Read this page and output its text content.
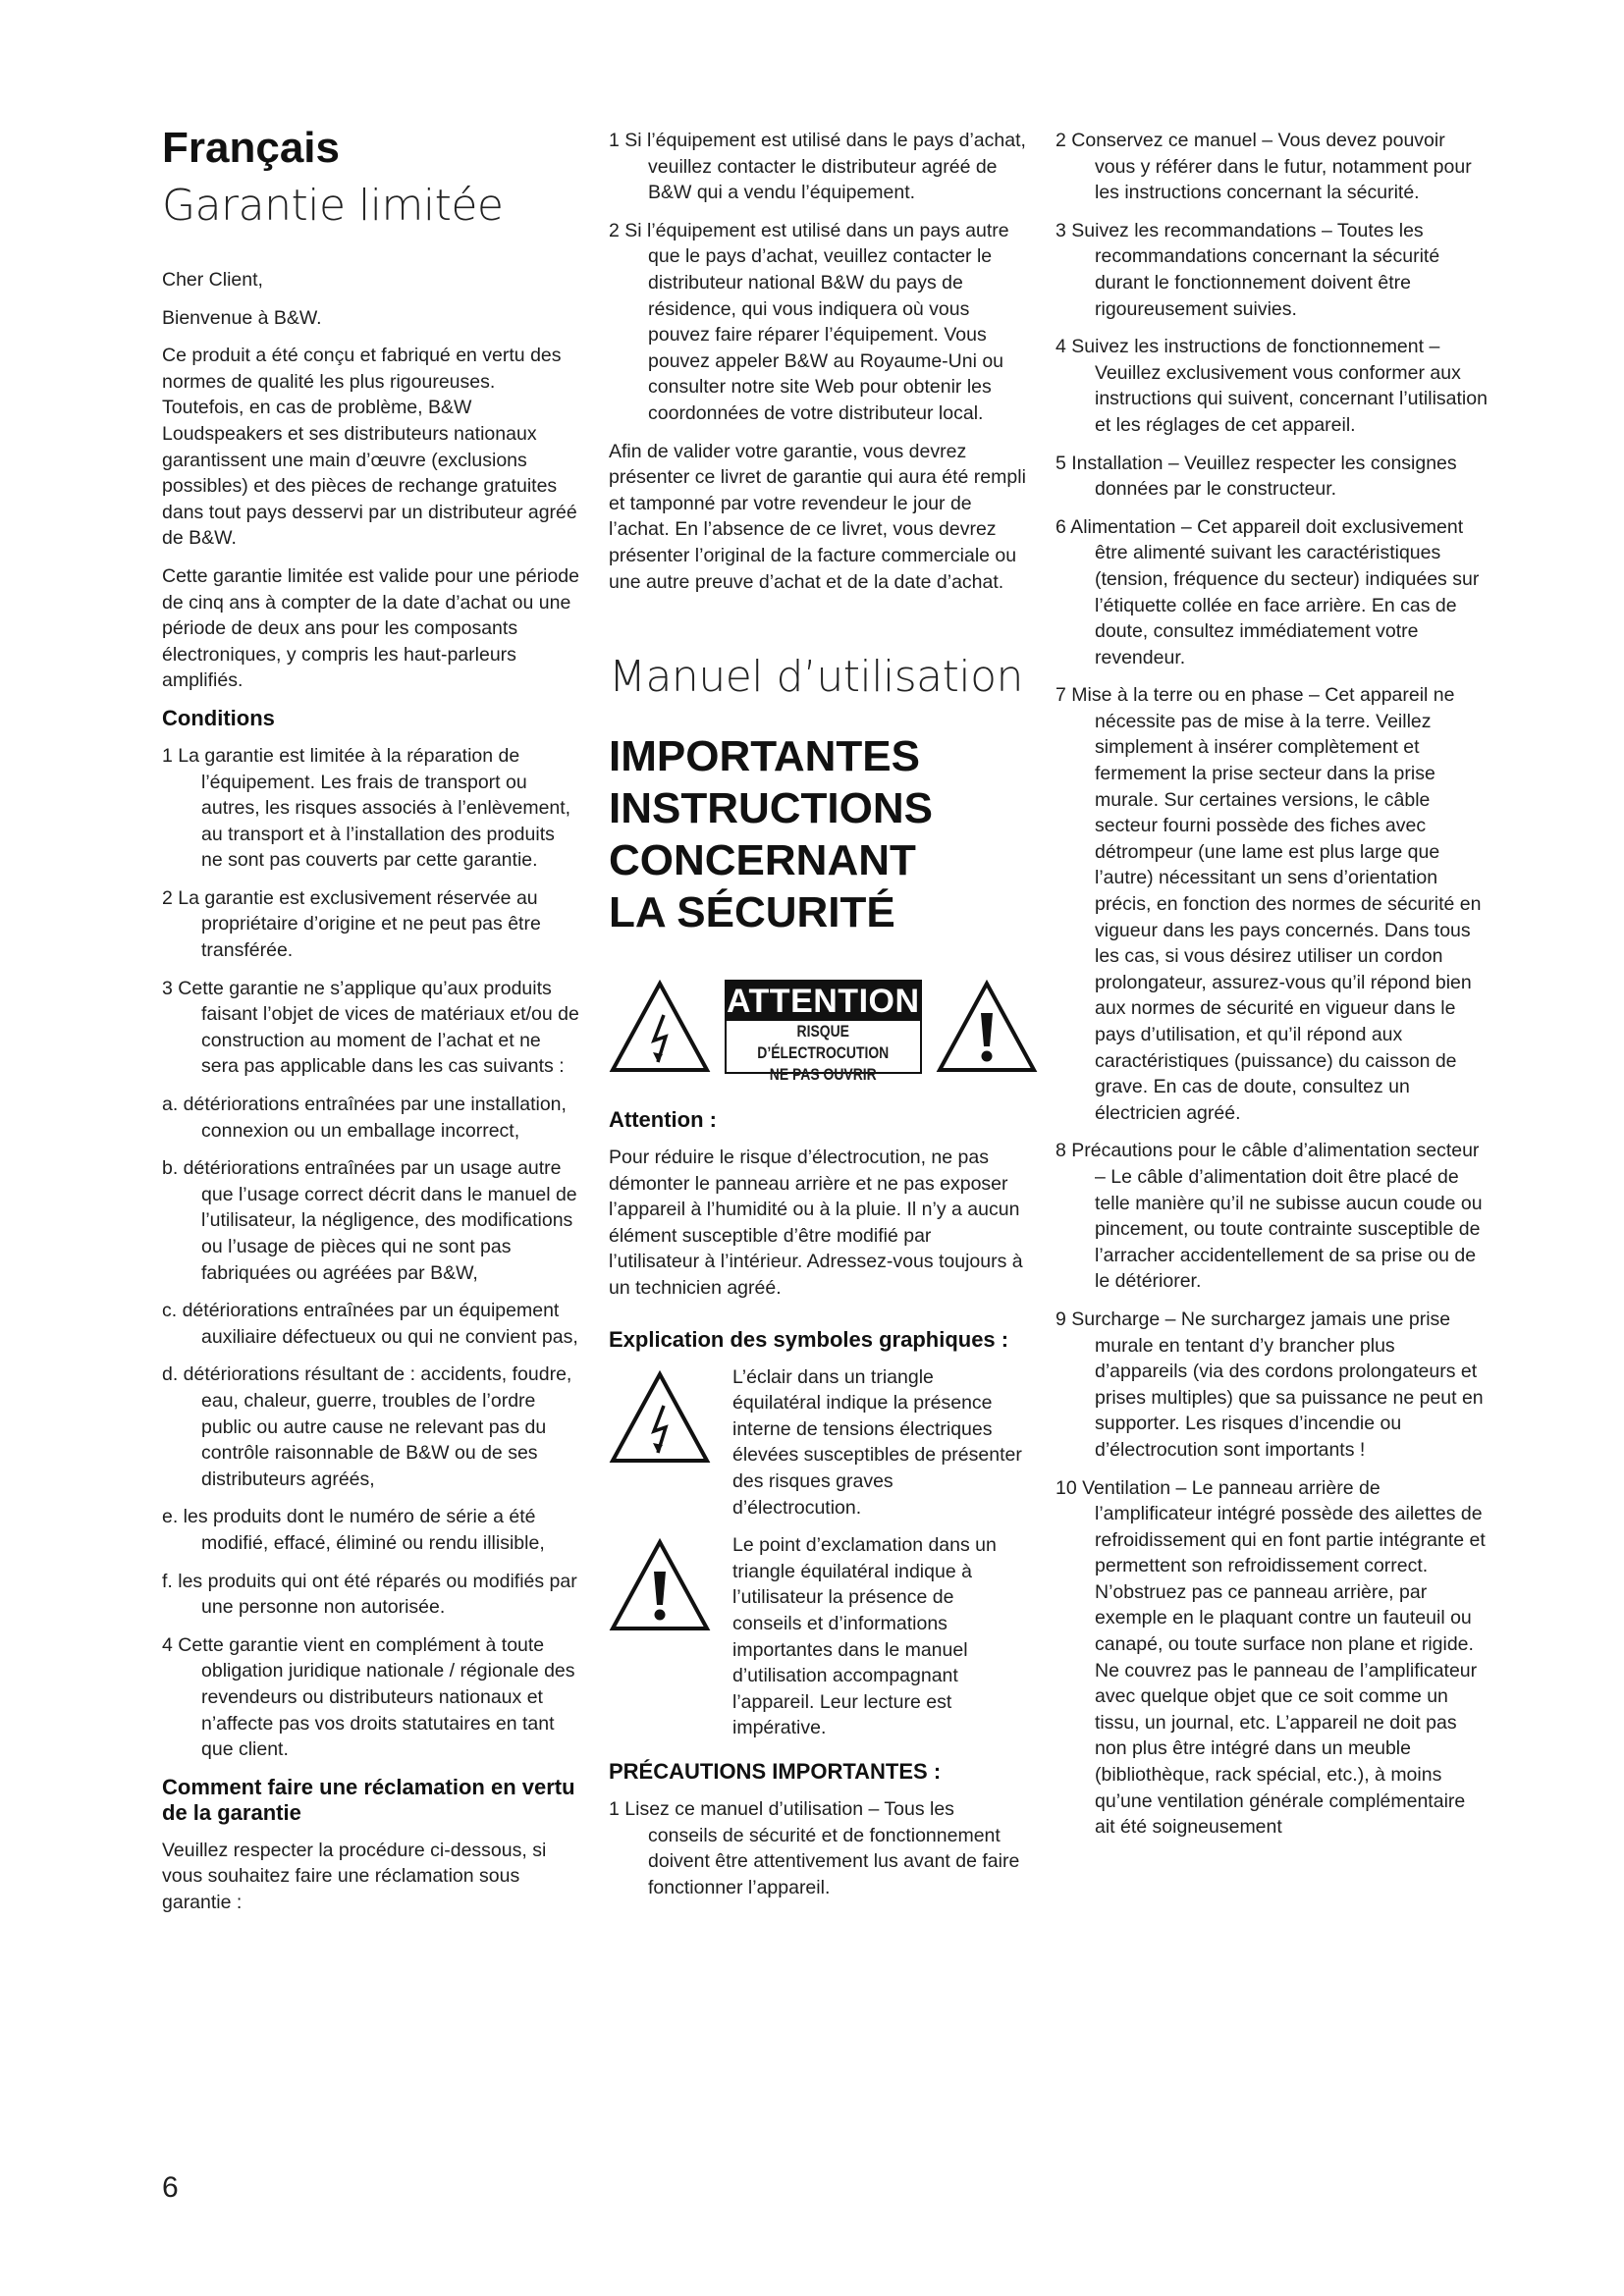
Français
Garantie limitée

Cher Client,

Bienvenue à B&W.

Ce produit a été conçu et fabriqué en vertu des normes de qualité les plus rigoureuses. Toutefois, en cas de problème, B&W Loudspeakers et ses distributeurs nationaux garantissent une main d’œuvre (exclusions possibles) et des pièces de rechange gratuites dans tout pays desservi par un distributeur agréé de B&W.

Cette garantie limitée est valide pour une période de cinq ans à compter de la date d’achat ou une période de deux ans pour les composants électroniques, y compris les haut-parleurs amplifiés.

Conditions

1 La garantie est limitée à la réparation de l’équipement. Les frais de transport ou autres, les risques associés à l’enlèvement, au transport et à l’installation des produits ne sont pas couverts par cette garantie.

2 La garantie est exclusivement réservée au propriétaire d’origine et ne peut pas être transférée.

3 Cette garantie ne s’applique qu’aux produits faisant l’objet de vices de matériaux et/ou de construction au moment de l’achat et ne sera pas applicable dans les cas suivants :

a. détériorations entraînées par une installation, connexion ou un emballage incorrect,

b. détériorations entraînées par un usage autre que l’usage correct décrit dans le manuel de l’utilisateur, la négligence, des modifications ou l’usage de pièces qui ne sont pas fabriquées ou agréées par B&W,

c. détériorations entraînées par un équipement auxiliaire défectueux ou qui ne convient pas,

d. détériorations résultant de : accidents, foudre, eau, chaleur, guerre, troubles de l’ordre public ou autre cause ne relevant pas du contrôle raisonnable de B&W ou de ses distributeurs agréés,

e. les produits dont le numéro de série a été modifié, effacé, éliminé ou rendu illisible,

f. les produits qui ont été réparés ou modifiés par une personne non autorisée.

4 Cette garantie vient en complément à toute obligation juridique nationale / régionale des revendeurs ou distributeurs nationaux et n’affecte pas vos droits statutaires en tant que client.

Comment faire une réclamation en vertu de la garantie

Veuillez respecter la procédure ci-dessous, si vous souhaitez faire une réclamation sous garantie :

1 Si l’équipement est utilisé dans le pays d’achat, veuillez contacter le distributeur agréé de B&W qui a vendu l’équipement.

2 Si l’équipement est utilisé dans un pays autre que le pays d’achat, veuillez contacter le distributeur national B&W du pays de résidence, qui vous indiquera où vous pouvez faire réparer l’équipement. Vous pouvez appeler B&W au Royaume-Uni ou consulter notre site Web pour obtenir les coordonnées de votre distributeur local.

Afin de valider votre garantie, vous devrez présenter ce livret de garantie qui aura été rempli et tamponné par votre revendeur le jour de l’achat. En l’absence de ce livret, vous devrez présenter l’original de la facture commerciale ou une autre preuve d’achat et de la date d’achat.

Manuel d’utilisation
IMPORTANTES
INSTRUCTIONS
CONCERNANT
LA SÉCURITÉ
ATTENTION
RISQUE D’ÉLECTROCUTION
NE PAS OUVRIR
Attention :

Pour réduire le risque d’électrocution, ne pas démonter le panneau arrière et ne pas exposer l’appareil à l’humidité ou à la pluie. Il n’y a aucun élément susceptible d’être modifié par l’utilisateur à l’intérieur. Adressez-vous toujours à un technicien agréé.

Explication des symboles graphiques :

L’éclair dans un triangle équilatéral indique la présence interne de tensions électriques élevées susceptibles de présenter des risques graves d’électrocution.

Le point d’exclamation dans un triangle équilatéral indique à l’utilisateur la présence de conseils et d’informations importantes dans le manuel d’utilisation accompagnant l’appareil. Leur lecture est impérative.

PRÉCAUTIONS IMPORTANTES :

1 Lisez ce manuel d’utilisation – Tous les conseils de sécurité et de fonctionnement doivent être attentivement lus avant de faire fonctionner l’appareil.

2 Conservez ce manuel – Vous devez pouvoir vous y référer dans le futur, notamment pour les instructions concernant la sécurité.

3 Suivez les recommandations – Toutes les recommandations concernant la sécurité durant le fonctionnement doivent être rigoureusement suivies.

4 Suivez les instructions de fonctionnement – Veuillez exclusivement vous conformer aux instructions qui suivent, concernant l’utilisation et les réglages de cet appareil.

5 Installation – Veuillez respecter les consignes données par le constructeur.

6 Alimentation – Cet appareil doit exclusivement être alimenté suivant les caractéristiques (tension, fréquence du secteur) indiquées sur l’étiquette collée en face arrière. En cas de doute, consultez immédiatement votre revendeur.

7 Mise à la terre ou en phase – Cet appareil ne nécessite pas de mise à la terre. Veillez simplement à insérer complètement et fermement la prise secteur dans la prise murale. Sur certaines versions, le câble secteur fourni possède des fiches avec détrompeur (une lame est plus large que l’autre) nécessitant un sens d’orientation précis, en fonction des normes de sécurité en vigueur dans les pays concernés. Dans tous les cas, si vous désirez utiliser un cordon prolongateur, assurez-vous qu’il répond bien aux normes de sécurité en vigueur dans le pays d’utilisation, et qu’il répond aux caractéristiques (puissance) du caisson de grave. En cas de doute, consultez un électricien agréé.

8 Précautions pour le câble d’alimentation secteur – Le câble d’alimentation doit être placé de telle manière qu’il ne subisse aucun coude ou pincement, ou toute contrainte susceptible de l’arracher accidentellement de sa prise ou de le détériorer.

9 Surcharge – Ne surchargez jamais une prise murale en tentant d’y brancher plus d’appareils (via des cordons prolongateurs et prises multiples) que sa puissance ne peut en supporter. Les risques d’incendie ou d’électrocution sont importants !

10 Ventilation – Le panneau arrière de l’amplificateur intégré possède des ailettes de refroidissement qui en font partie intégrante et permettent son refroidissement correct. N’obstruez pas ce panneau arrière, par exemple en le plaquant contre un fauteuil ou canapé, ou toute surface non plane et rigide. Ne couvrez pas le panneau de l’amplificateur avec quelque objet que ce soit comme un tissu, un journal, etc. L’appareil ne doit pas non plus être intégré dans un meuble (bibliothèque, rack spécial, etc.), à moins qu’une ventilation générale complémentaire ait été soigneusement

6
